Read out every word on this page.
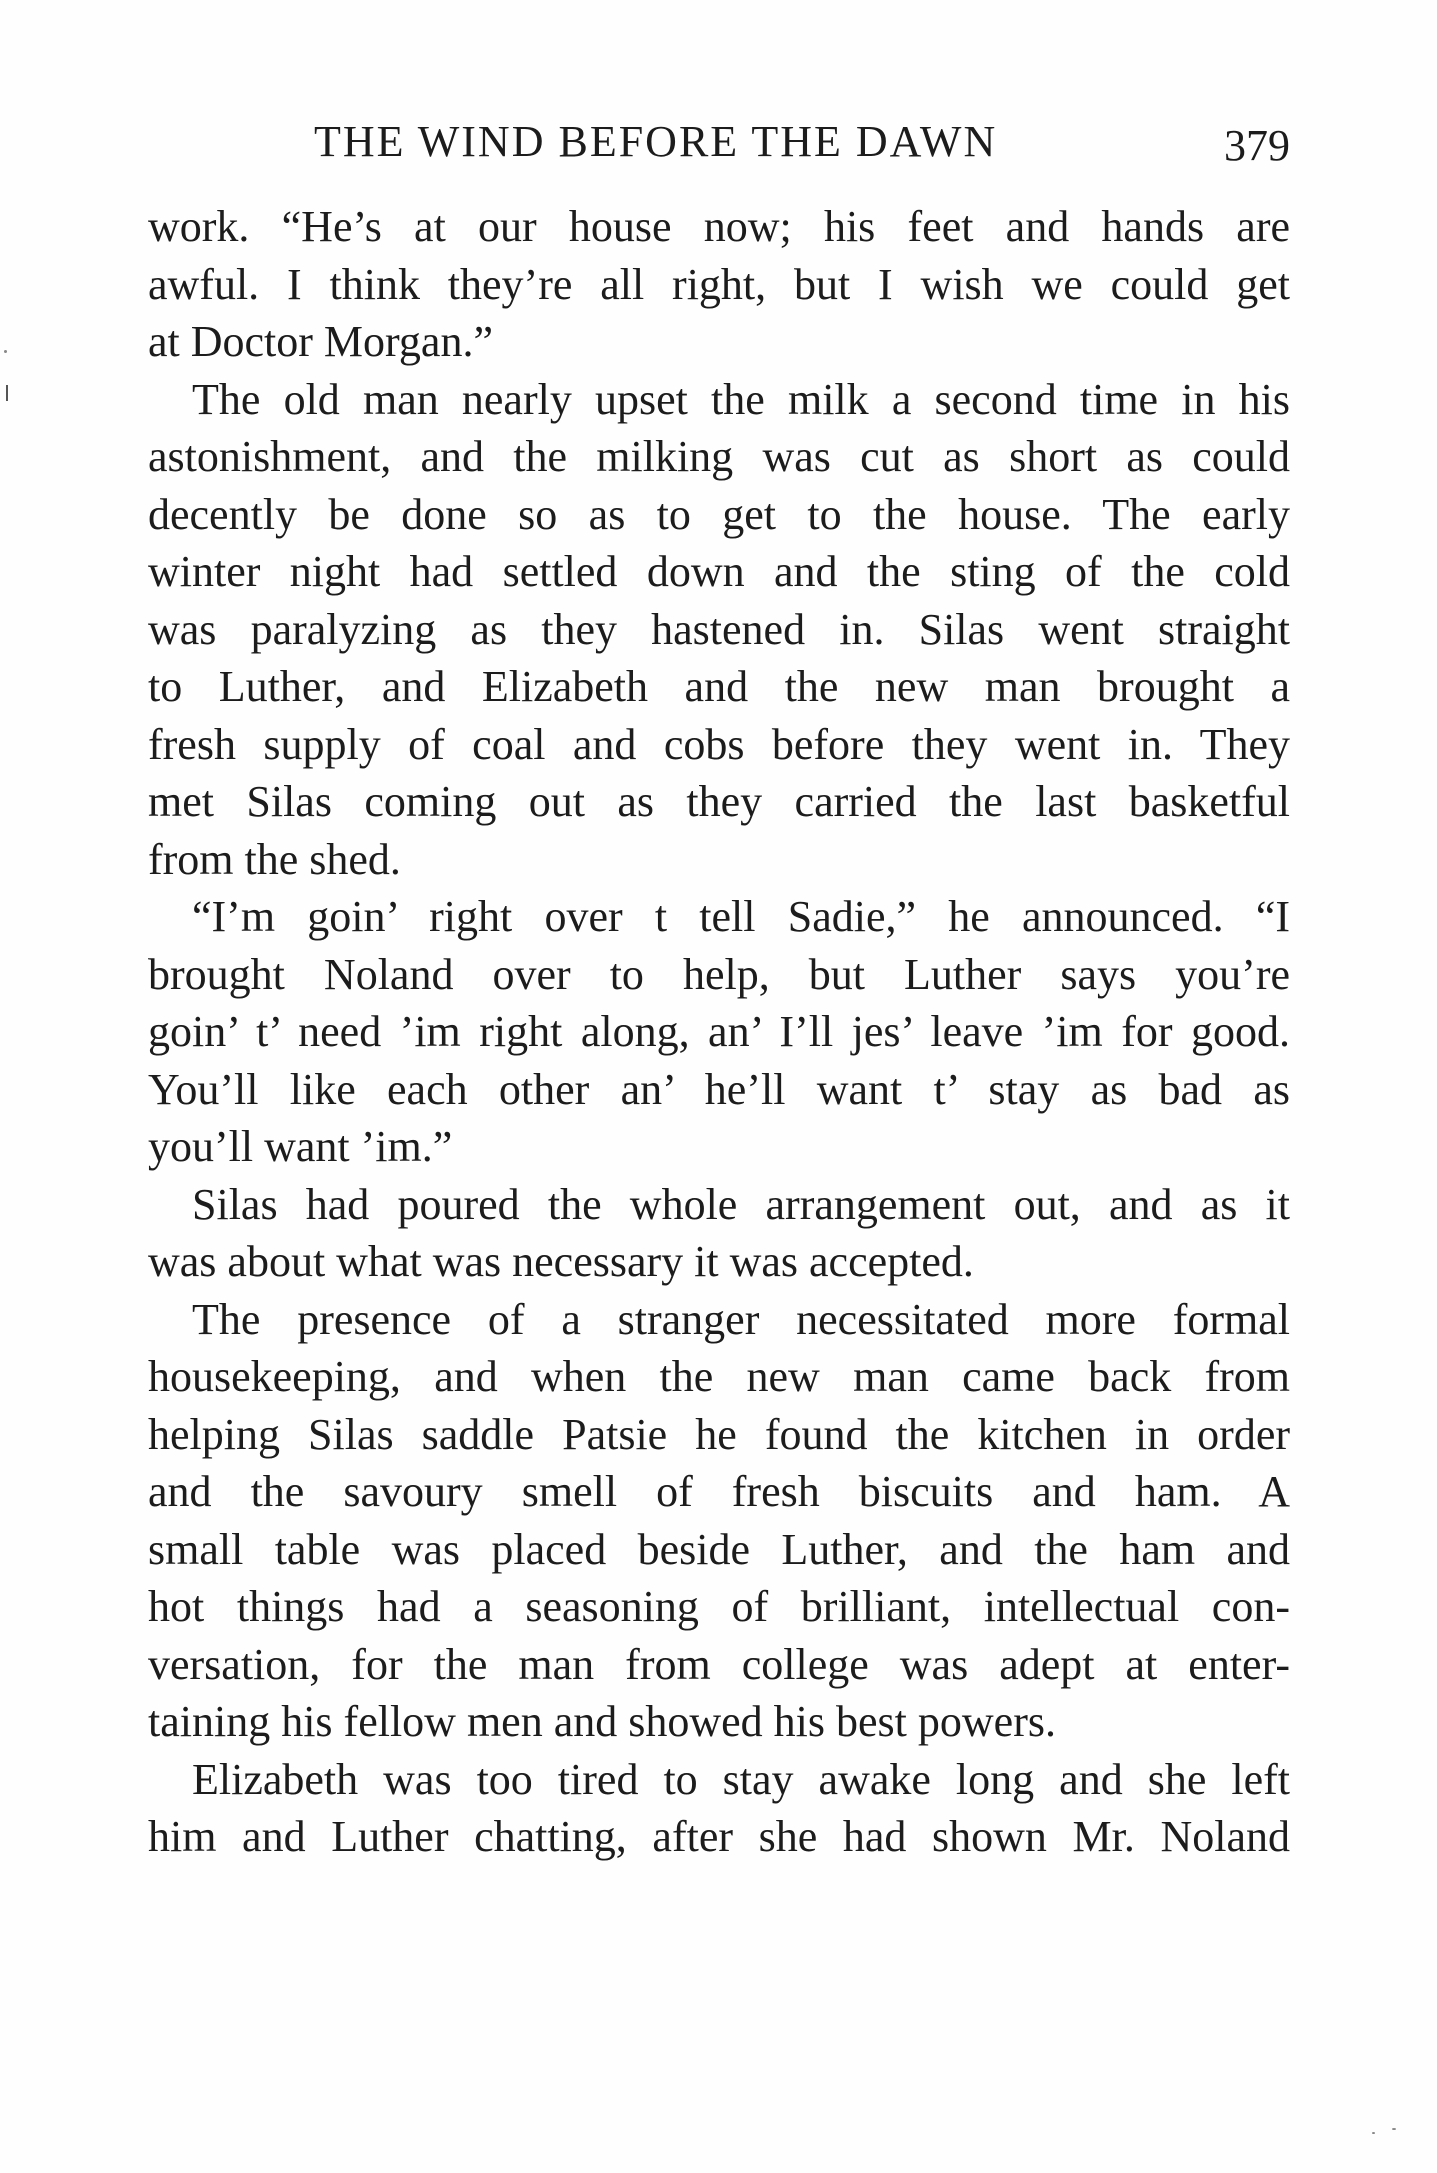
THE WIND BEFORE THE DAWN	379
work. “He’s at our house now; his feet and hands are
awful. I think they’re all right, but I wish we could get
at Doctor Morgan.”
The old man nearly upset the milk a second time in his
astonishment, and the milking was cut as short as could
decently be done so as to get to the house. The early
winter night had settled down and the sting of the cold
was paralyzing as they hastened in. Silas went straight
to Luther, and Elizabeth and the new man brought a
fresh supply of coal and cobs before they went in. They
met Silas coming out as they carried the last basketful
from the shed.
“I’m goin’ right over t tell Sadie,” he announced. “I
brought Noland over to help, but Luther says you’re
goin’ t’ need ’im right along, an’ I’ll jes’ leave ’im for good.
You’ll like each other an’ he’ll want t’ stay as bad as
you’ll want ’im.”
Silas had poured the whole arrangement out, and as it
was about what was necessary it was accepted.
The presence of a stranger necessitated more formal
housekeeping, and when the new man came back from
helping Silas saddle Patsie he found the kitchen in order
and the savoury smell of fresh biscuits and ham. A
small table was placed beside Luther, and the ham and
hot things had a seasoning of brilliant, intellectual con-
versation, for the man from college was adept at enter-
taining his fellow men and showed his best powers.
Elizabeth was too tired to stay awake long and she left
him and Luther chatting, after she had shown Mr. Noland
